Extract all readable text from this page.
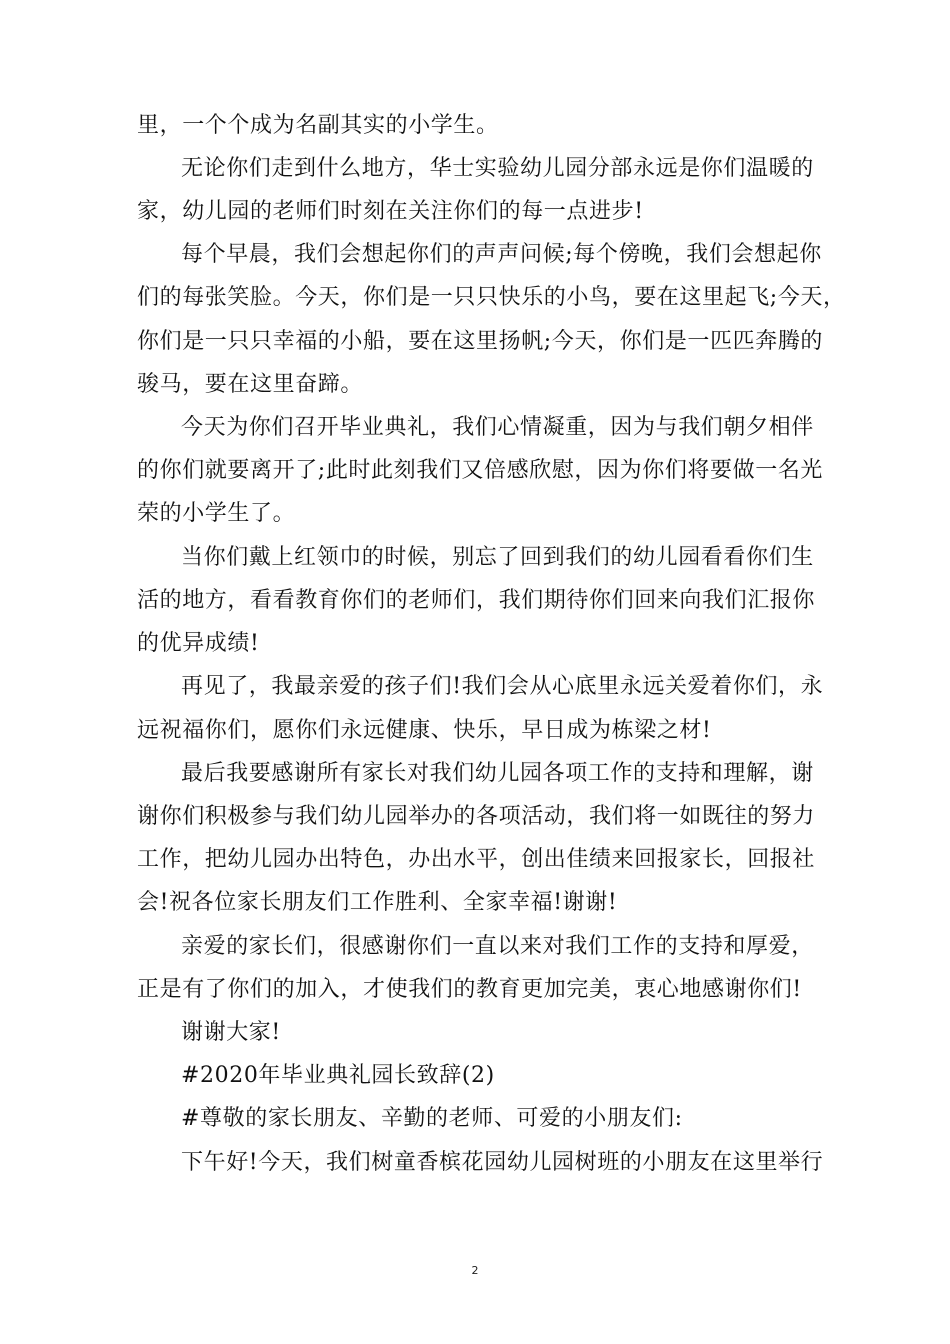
里，一个个成为名副其实的小学生。
无论你们走到什么地方，华士实验幼儿园分部永远是你们温暖的
家，幼儿园的老师们时刻在关注你们的每一点进步!
每个早晨，我们会想起你们的声声问候;每个傍晚，我们会想起你
们的每张笑脸。今天，你们是一只只快乐的小鸟，要在这里起飞;今天，
你们是一只只幸福的小船，要在这里扬帆;今天，你们是一匹匹奔腾的
骏马，要在这里奋蹄。
今天为你们召开毕业典礼，我们心情凝重，因为与我们朝夕相伴
的你们就要离开了;此时此刻我们又倍感欣慰，因为你们将要做一名光
荣的小学生了。
当你们戴上红领巾的时候，别忘了回到我们的幼儿园看看你们生
活的地方，看看教育你们的老师们，我们期待你们回来向我们汇报你
的优异成绩!
再见了，我最亲爱的孩子们!我们会从心底里永远关爱着你们，永
远祝福你们，愿你们永远健康、快乐，早日成为栋梁之材!
最后我要感谢所有家长对我们幼儿园各项工作的支持和理解，谢
谢你们积极参与我们幼儿园举办的各项活动，我们将一如既往的努力
工作，把幼儿园办出特色，办出水平，创出佳绩来回报家长，回报社
会!祝各位家长朋友们工作胜利、全家幸福!谢谢!
亲爱的家长们，很感谢你们一直以来对我们工作的支持和厚爱，
正是有了你们的加入，才使我们的教育更加完美，衷心地感谢你们!
谢谢大家!
#2020年毕业典礼园长致辞(2)
#尊敬的家长朋友、辛勤的老师、可爱的小朋友们:
下午好!今天，我们树童香槟花园幼儿园树班的小朋友在这里举行
2
